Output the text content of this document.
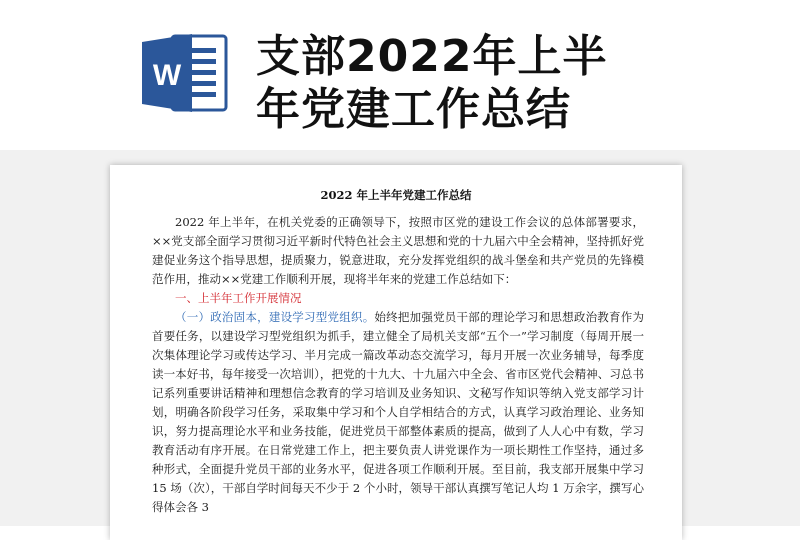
W 支部2022年上半
年党建工作总结
2022 年上半年党建工作总结

2022 年上半年，在机关党委的正确领导下，按照市区党的建设工作会议的总体部署要求，××党支部全面学习贯彻习近平新时代特色社会主义思想和党的十九届六中全会精神，坚持抓好党建促业务这个指导思想，提质聚力，锐意进取，充分发挥党组织的战斗堡垒和共产党员的先锋模范作用，推动××党建工作顺利开展，现将半年来的党建工作总结如下：

一、上半年工作开展情况

（一）政治固本，建设学习型党组织。始终把加强党员干部的理论学习和思想政治教育作为首要任务，以建设学习型党组织为抓手，建立健全了局机关支部“五个一”学习制度（每周开展一次集体理论学习或传达学习、半月完成一篇改革动态交流学习，每月开展一次业务辅导，每季度读一本好书，每年接受一次培训），把党的十九大、十九届六中全会、省市区党代会精神、习总书记系列重要讲话精神和理想信念教育的学习培训及业务知识、文秘写作知识等纳入党支部学习计划，明确各阶段学习任务，采取集中学习和个人自学相结合的方式，认真学习政治理论、业务知识，努力提高理论水平和业务技能，促进党员干部整体素质的提高，做到了人人心中有数，学习教育活动有序开展。在日常党建工作上，把主要负责人讲党课作为一项长期性工作坚持，通过多种形式，全面提升党员干部的业务水平，促进各项工作顺利开展。至目前，我支部开展集中学习 15 场（次），干部自学时间每天不少于 2 个小时，领导干部认真撰写笔记人均 1 万余字，撰写心得体会各 3
